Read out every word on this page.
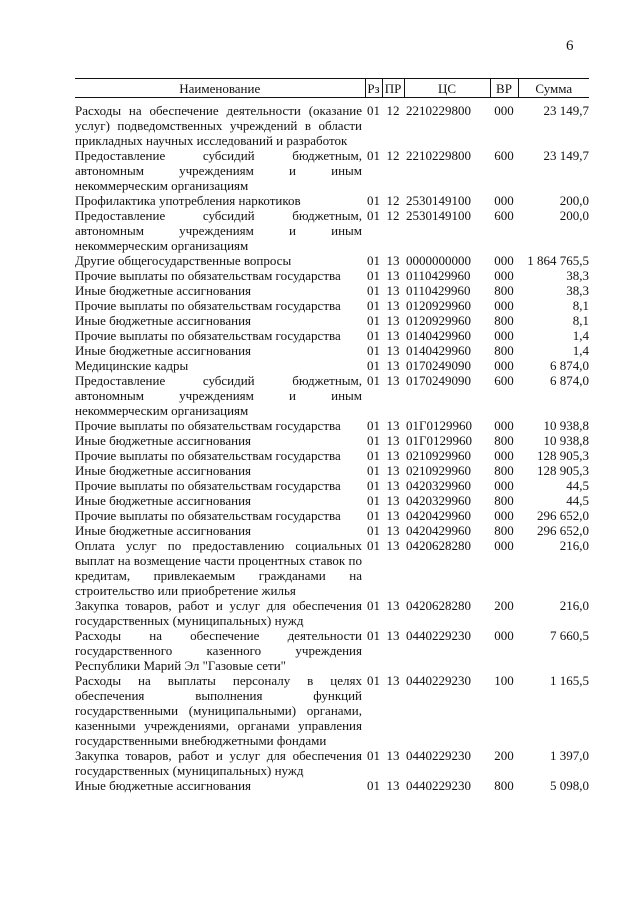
6
Наименование	Рз	ПР	ЦС	ВР	Сумма
Расходы на обеспечение деятельности (оказание услуг) подведомственных учреждений в области прикладных научных исследований и разработок	01	12	2210229800	000	23 149,7
Предоставление субсидий бюджетным, автономным учреждениям и иным некоммерческим организациям	01	12	2210229800	600	23 149,7
Профилактика употребления наркотиков	01	12	2530149100	000	200,0
Предоставление субсидий бюджетным, автономным учреждениям и иным некоммерческим организациям	01	12	2530149100	600	200,0
Другие общегосударственные вопросы	01	13	0000000000	000	1 864 765,5
Прочие выплаты по обязательствам государства	01	13	0110429960	000	38,3
Иные бюджетные ассигнования	01	13	0110429960	800	38,3
Прочие выплаты по обязательствам государства	01	13	0120929960	000	8,1
Иные бюджетные ассигнования	01	13	0120929960	800	8,1
Прочие выплаты по обязательствам государства	01	13	0140429960	000	1,4
Иные бюджетные ассигнования	01	13	0140429960	800	1,4
Медицинские кадры	01	13	0170249090	000	6 874,0
Предоставление субсидий бюджетным, автономным учреждениям и иным некоммерческим организациям	01	13	0170249090	600	6 874,0
Прочие выплаты по обязательствам государства	01	13	01Г0129960	000	10 938,8
Иные бюджетные ассигнования	01	13	01Г0129960	800	10 938,8
Прочие выплаты по обязательствам государства	01	13	0210929960	000	128 905,3
Иные бюджетные ассигнования	01	13	0210929960	800	128 905,3
Прочие выплаты по обязательствам государства	01	13	0420329960	000	44,5
Иные бюджетные ассигнования	01	13	0420329960	800	44,5
Прочие выплаты по обязательствам государства	01	13	0420429960	000	296 652,0
Иные бюджетные ассигнования	01	13	0420429960	800	296 652,0
Оплата услуг по предоставлению социальных выплат на возмещение части процентных ставок по кредитам, привлекаемым гражданами на строительство или приобретение жилья	01	13	0420628280	000	216,0
Закупка товаров, работ и услуг для обеспечения государственных (муниципальных) нужд	01	13	0420628280	200	216,0
Расходы на обеспечение деятельности государственного казенного учреждения Республики Марий Эл "Газовые сети"	01	13	0440229230	000	7 660,5
Расходы на выплаты персоналу в целях обеспечения выполнения функций государственными (муниципальными) органами, казенными учреждениями, органами управления государственными внебюджетными фондами	01	13	0440229230	100	1 165,5
Закупка товаров, работ и услуг для обеспечения государственных (муниципальных) нужд	01	13	0440229230	200	1 397,0
Иные бюджетные ассигнования	01	13	0440229230	800	5 098,0
